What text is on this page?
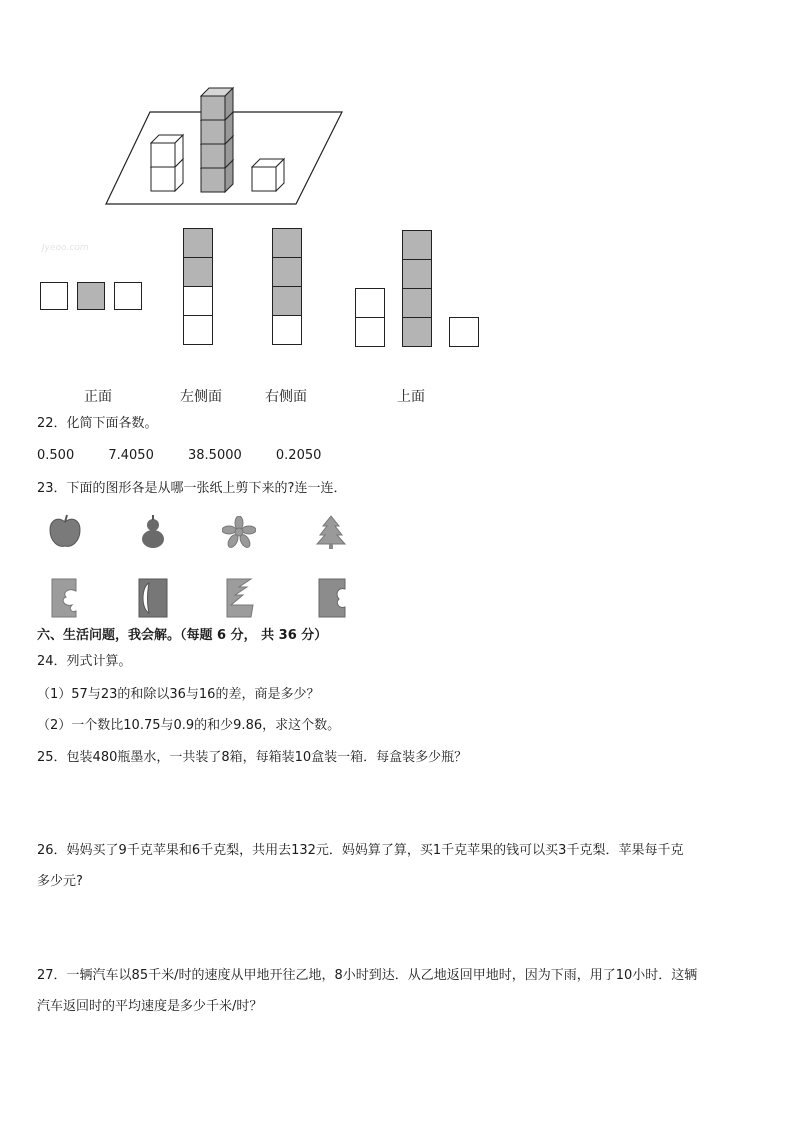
Jyeoo.com
正面	左侧面	右侧面	上面
22．化简下面各数。
0.500	7.4050	38.5000	0.2050
23．下面的图形各是从哪一张纸上剪下来的?连一连．
六、生活问题，我会解。（每题 6 分， 共 36 分）
24．列式计算。
（1）57与23的和除以36与16的差，商是多少？
（2）一个数比10.75与0.9的和少9.86，求这个数。
25．包装480瓶墨水，一共装了8箱，每箱装10盒装一箱．每盒装多少瓶？
26．妈妈买了9千克苹果和6千克梨，共用去132元．妈妈算了算，买1千克苹果的钱可以买3千克梨．苹果每千克
多少元?
27．一辆汽车以85千米/时的速度从甲地开往乙地，8小时到达．从乙地返回甲地时，因为下雨，用了10小时．这辆
汽车返回时的平均速度是多少千米/时？
